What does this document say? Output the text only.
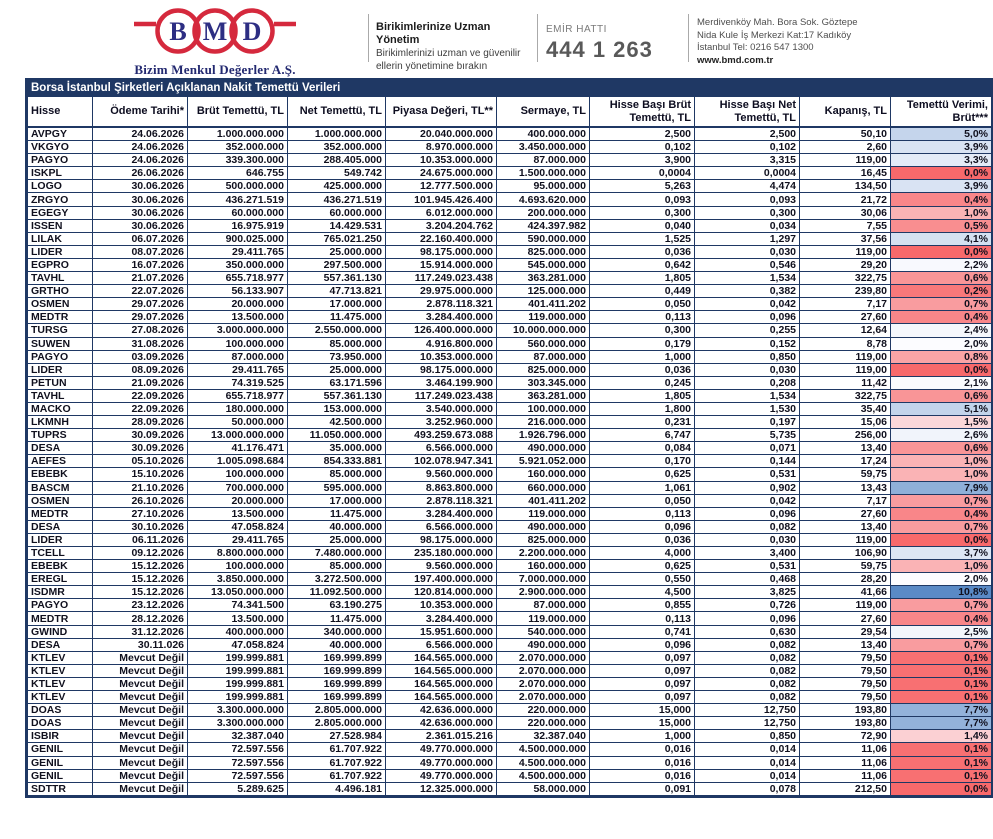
B M D
Bizim Menkul Değerler A.Ş.
Birikimlerinize Uzman Yönetim
Birikimlerinizi uzman ve güvenilir
ellerin yönetimine bırakın
EMİR HATTI
444 1 263
Merdivenköy Mah. Bora Sok. Göztepe
Nida Kule İş Merkezi Kat:17 Kadıköy
İstanbul Tel: 0216 547 1300
www.bmd.com.tr
Borsa İstanbul Şirketleri Açıklanan Nakit Temettü Verileri
Hisse	Ödeme Tarihi*	Brüt Temettü, TL	Net Temettü, TL	Piyasa Değeri, TL**	Sermaye, TL	Hisse Başı Brüt Temettü, TL	Hisse Başı Net Temettü, TL	Kapanış, TL	Temettü Verimi, Brüt***
AVPGY	24.06.2026	1.000.000.000	1.000.000.000	20.040.000.000	400.000.000	2,500	2,500	50,10	5,0%
VKGYO	24.06.2026	352.000.000	352.000.000	8.970.000.000	3.450.000.000	0,102	0,102	2,60	3,9%
PAGYO	24.06.2026	339.300.000	288.405.000	10.353.000.000	87.000.000	3,900	3,315	119,00	3,3%
ISKPL	26.06.2026	646.755	549.742	24.675.000.000	1.500.000.000	0,0004	0,0004	16,45	0,0%
LOGO	30.06.2026	500.000.000	425.000.000	12.777.500.000	95.000.000	5,263	4,474	134,50	3,9%
ZRGYO	30.06.2026	436.271.519	436.271.519	101.945.426.400	4.693.620.000	0,093	0,093	21,72	0,4%
EGEGY	30.06.2026	60.000.000	60.000.000	6.012.000.000	200.000.000	0,300	0,300	30,06	1,0%
ISSEN	30.06.2026	16.975.919	14.429.531	3.204.204.762	424.397.982	0,040	0,034	7,55	0,5%
LILAK	06.07.2026	900.025.000	765.021.250	22.160.400.000	590.000.000	1,525	1,297	37,56	4,1%
LIDER	08.07.2026	29.411.765	25.000.000	98.175.000.000	825.000.000	0,036	0,030	119,00	0,0%
EGPRO	16.07.2026	350.000.000	297.500.000	15.914.000.000	545.000.000	0,642	0,546	29,20	2,2%
TAVHL	21.07.2026	655.718.977	557.361.130	117.249.023.438	363.281.000	1,805	1,534	322,75	0,6%
GRTHO	22.07.2026	56.133.907	47.713.821	29.975.000.000	125.000.000	0,449	0,382	239,80	0,2%
OSMEN	29.07.2026	20.000.000	17.000.000	2.878.118.321	401.411.202	0,050	0,042	7,17	0,7%
MEDTR	29.07.2026	13.500.000	11.475.000	3.284.400.000	119.000.000	0,113	0,096	27,60	0,4%
TURSG	27.08.2026	3.000.000.000	2.550.000.000	126.400.000.000	10.000.000.000	0,300	0,255	12,64	2,4%
SUWEN	31.08.2026	100.000.000	85.000.000	4.916.800.000	560.000.000	0,179	0,152	8,78	2,0%
PAGYO	03.09.2026	87.000.000	73.950.000	10.353.000.000	87.000.000	1,000	0,850	119,00	0,8%
LIDER	08.09.2026	29.411.765	25.000.000	98.175.000.000	825.000.000	0,036	0,030	119,00	0,0%
PETUN	21.09.2026	74.319.525	63.171.596	3.464.199.900	303.345.000	0,245	0,208	11,42	2,1%
TAVHL	22.09.2026	655.718.977	557.361.130	117.249.023.438	363.281.000	1,805	1,534	322,75	0,6%
MACKO	22.09.2026	180.000.000	153.000.000	3.540.000.000	100.000.000	1,800	1,530	35,40	5,1%
LKMNH	28.09.2026	50.000.000	42.500.000	3.252.960.000	216.000.000	0,231	0,197	15,06	1,5%
TUPRS	30.09.2026	13.000.000.000	11.050.000.000	493.259.673.088	1.926.796.000	6,747	5,735	256,00	2,6%
DESA	30.09.2026	41.176.471	35.000.000	6.566.000.000	490.000.000	0,084	0,071	13,40	0,6%
AEFES	05.10.2026	1.005.098.684	854.333.881	102.078.947.341	5.921.052.000	0,170	0,144	17,24	1,0%
EBEBK	15.10.2026	100.000.000	85.000.000	9.560.000.000	160.000.000	0,625	0,531	59,75	1,0%
BASCM	21.10.2026	700.000.000	595.000.000	8.863.800.000	660.000.000	1,061	0,902	13,43	7,9%
OSMEN	26.10.2026	20.000.000	17.000.000	2.878.118.321	401.411.202	0,050	0,042	7,17	0,7%
MEDTR	27.10.2026	13.500.000	11.475.000	3.284.400.000	119.000.000	0,113	0,096	27,60	0,4%
DESA	30.10.2026	47.058.824	40.000.000	6.566.000.000	490.000.000	0,096	0,082	13,40	0,7%
LIDER	06.11.2026	29.411.765	25.000.000	98.175.000.000	825.000.000	0,036	0,030	119,00	0,0%
TCELL	09.12.2026	8.800.000.000	7.480.000.000	235.180.000.000	2.200.000.000	4,000	3,400	106,90	3,7%
EBEBK	15.12.2026	100.000.000	85.000.000	9.560.000.000	160.000.000	0,625	0,531	59,75	1,0%
EREGL	15.12.2026	3.850.000.000	3.272.500.000	197.400.000.000	7.000.000.000	0,550	0,468	28,20	2,0%
ISDMR	15.12.2026	13.050.000.000	11.092.500.000	120.814.000.000	2.900.000.000	4,500	3,825	41,66	10,8%
PAGYO	23.12.2026	74.341.500	63.190.275	10.353.000.000	87.000.000	0,855	0,726	119,00	0,7%
MEDTR	28.12.2026	13.500.000	11.475.000	3.284.400.000	119.000.000	0,113	0,096	27,60	0,4%
GWIND	31.12.2026	400.000.000	340.000.000	15.951.600.000	540.000.000	0,741	0,630	29,54	2,5%
DESA	30.11.026	47.058.824	40.000.000	6.566.000.000	490.000.000	0,096	0,082	13,40	0,7%
KTLEV	Mevcut Değil	199.999.881	169.999.899	164.565.000.000	2.070.000.000	0,097	0,082	79,50	0,1%
KTLEV	Mevcut Değil	199.999.881	169.999.899	164.565.000.000	2.070.000.000	0,097	0,082	79,50	0,1%
KTLEV	Mevcut Değil	199.999.881	169.999.899	164.565.000.000	2.070.000.000	0,097	0,082	79,50	0,1%
KTLEV	Mevcut Değil	199.999.881	169.999.899	164.565.000.000	2.070.000.000	0,097	0,082	79,50	0,1%
DOAS	Mevcut Değil	3.300.000.000	2.805.000.000	42.636.000.000	220.000.000	15,000	12,750	193,80	7,7%
DOAS	Mevcut Değil	3.300.000.000	2.805.000.000	42.636.000.000	220.000.000	15,000	12,750	193,80	7,7%
ISBIR	Mevcut Değil	32.387.040	27.528.984	2.361.015.216	32.387.040	1,000	0,850	72,90	1,4%
GENIL	Mevcut Değil	72.597.556	61.707.922	49.770.000.000	4.500.000.000	0,016	0,014	11,06	0,1%
GENIL	Mevcut Değil	72.597.556	61.707.922	49.770.000.000	4.500.000.000	0,016	0,014	11,06	0,1%
GENIL	Mevcut Değil	72.597.556	61.707.922	49.770.000.000	4.500.000.000	0,016	0,014	11,06	0,1%
SDTTR	Mevcut Değil	5.289.625	4.496.181	12.325.000.000	58.000.000	0,091	0,078	212,50	0,0%
